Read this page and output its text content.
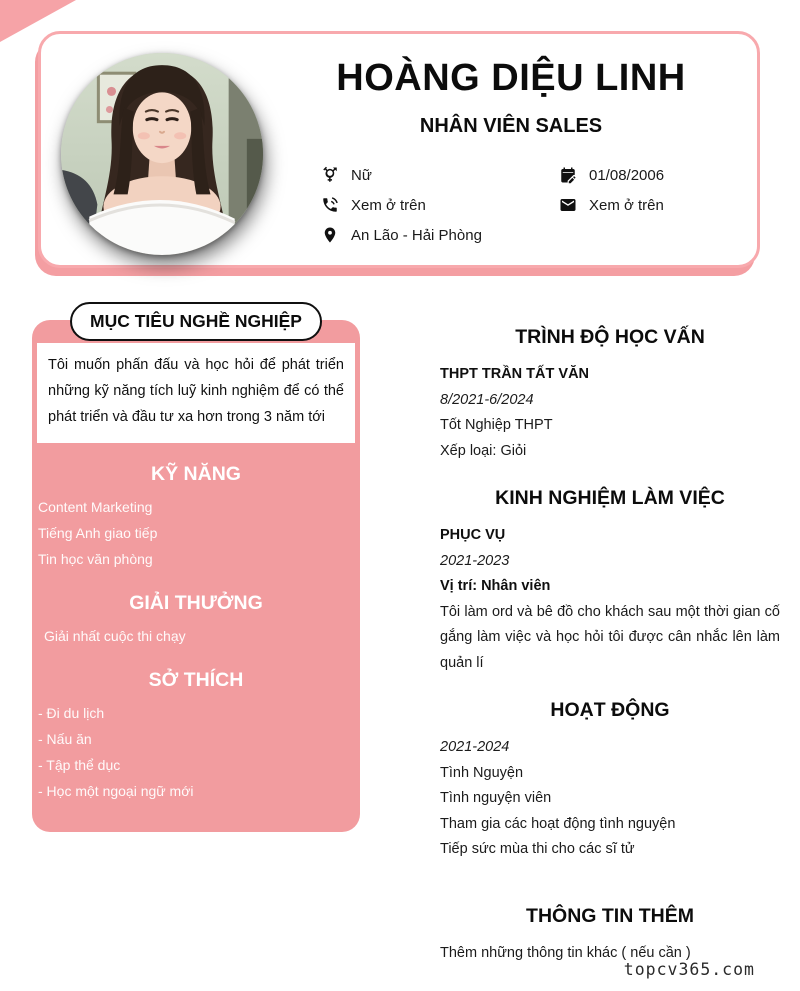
HOÀNG DIỆU LINH
NHÂN VIÊN SALES
Nữ	01/08/2006
Xem ở trên	Xem ở trên
An Lão - Hải Phòng
MỤC TIÊU NGHỀ NGHIỆP
Tôi muốn phấn đấu và học hỏi để phát triển những kỹ năng tích luỹ kinh nghiệm để có thể phát triển và đầu tư xa hơn trong 3 năm tới
KỸ NĂNG
Content Marketing
Tiếng Anh giao tiếp
Tin học văn phòng
GIẢI THƯỞNG
Giải nhất cuộc thi chạy
SỞ THÍCH
- Đi du lịch
- Nấu ăn
- Tập thể dục
- Học một ngoại ngữ mới
TRÌNH ĐỘ HỌC VẤN
THPT TRẦN TẤT VĂN
8/2021-6/2024
Tốt Nghiệp THPT
Xếp loại: Giỏi
KINH NGHIỆM LÀM VIỆC
PHỤC VỤ
2021-2023
Vị trí: Nhân viên
Tôi làm ord và bê đồ cho khách sau một thời gian cố gắng làm việc và học hỏi tôi được cân nhắc lên làm quản lí
HOẠT ĐỘNG
2021-2024
Tình Nguyện
Tình nguyện viên
Tham gia các hoạt động tình nguyện
Tiếp sức mùa thi cho các sĩ tử
THÔNG TIN THÊM
Thêm những thông tin khác ( nếu cần )
topcv365.com
